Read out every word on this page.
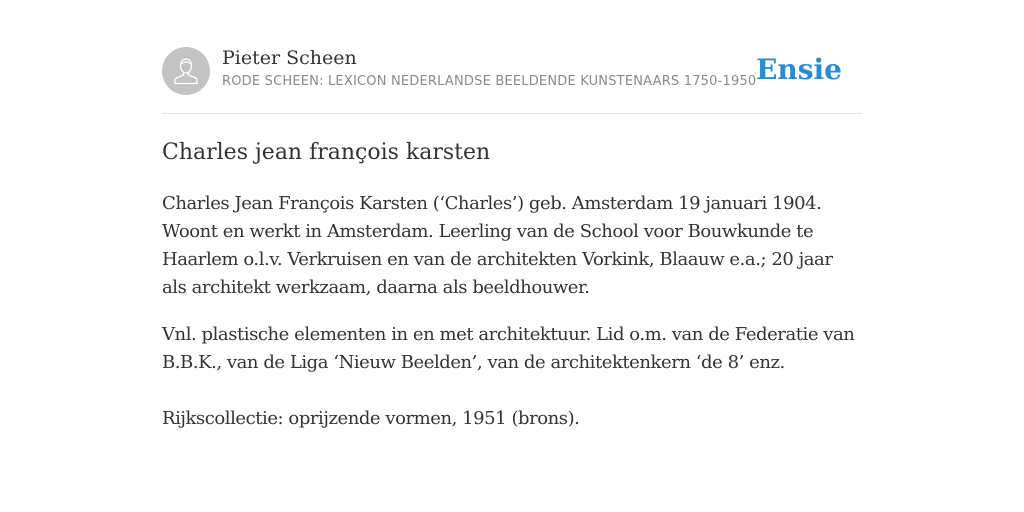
Pieter Scheen
RODE SCHEEN: LEXICON NEDERLANDSE BEELDENDE KUNSTENAARS 1750-1950 Ensie
Charles jean françois karsten

Charles Jean François Karsten (‘Charles’) geb. Amsterdam 19 januari 1904. Woont en werkt in Amsterdam. Leerling van de School voor Bouwkunde te Haarlem o.l.v. Verkruisen en van de architekten Vorkink, Blaauw e.a.; 20 jaar als architekt werkzaam, daarna als beeldhouwer.

Vnl. plastische elementen in en met architektuur. Lid o.m. van de Federatie van B.B.K., van de Liga ‘Nieuw Beelden’, van de architektenkern ‘de 8’ enz.

Rijkscollectie: oprijzende vormen, 1951 (brons).
